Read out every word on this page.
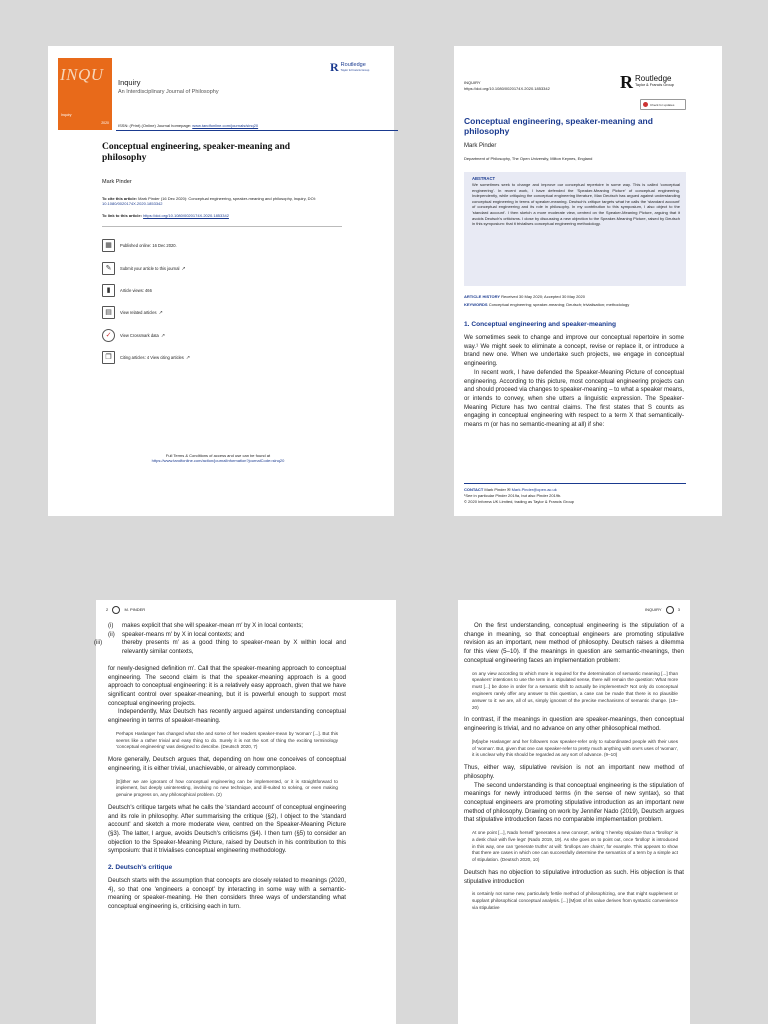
INQU
Inquiry
2020
Inquiry
An Interdisciplinary Journal of Philosophy
R Routledge
Taylor & Francis Group
ISSN: (Print) (Online) Journal homepage: www.tandfonline.com/journals/sinq20
Conceptual engineering, speaker-meaning and philosophy
Mark Pinder
To cite this article: Mark Pinder (16 Dec 2020): Conceptual engineering, speaker-meaning and philosophy, Inquiry, DOI: 10.1080/0020174X.2020.1853342
To link to this article: https://doi.org/10.1080/0020174X.2020.1853342
▦	Published online: 16 Dec 2020.
✎	Submit your article to this journal ↗
▮	Article views: 466
▤	View related articles ↗
✓	View Crossmark data ↗
❐	Citing articles: 4 View citing articles ↗
Full Terms & Conditions of access and use can be found at
https://www.tandfonline.com/action/journalInformation?journalCode=sinq20
INQUIRY
https://doi.org/10.1080/0020174X.2020.1853342	R Routledge
Taylor & Francis Group
Check for updates
Conceptual engineering, speaker-meaning and philosophy
Mark Pinder
Department of Philosophy, The Open University, Milton Keynes, England
ABSTRACT
We sometimes seek to change and improve our conceptual repertoire in some way. This is called 'conceptual engineering'. In recent work, I have defended the 'Speaker-Meaning Picture' of conceptual engineering. Independently, while critiquing the conceptual engineering literature, Max Deutsch has argued against understanding conceptual engineering in terms of speaker-meaning. Deutsch's critique targets what he calls the 'standard account' of conceptual engineering and its role in philosophy. In my contribution to this symposium, I also object to the 'standard account'. I then sketch a more moderate view, centred on the Speaker-Meaning Picture, arguing that it avoids Deutsch's criticisms. I close by discussing a new objection to the Speaker-Meaning Picture, raised by Deutsch in this symposium: that it trivialises conceptual engineering methodology.
ARTICLE HISTORY Received 30 May 2020; Accepted 30 May 2020
KEYWORDS Conceptual engineering; speaker-meaning; Deutsch; trivialisation; methodology
1. Conceptual engineering and speaker-meaning

We sometimes seek to change and improve our conceptual repertoire in some way.¹ We might seek to eliminate a concept, revise or replace it, or introduce a brand new one. When we undertake such projects, we engage in conceptual engineering.

In recent work, I have defended the Speaker-Meaning Picture of conceptual engineering. According to this picture, most conceptual engineering projects can and should proceed via changes to speaker-meaning – to what a speaker means, or intends to convey, when she utters a linguistic expression. The Speaker-Meaning Picture has two central claims. The first states that S counts as engaging in conceptual engineering with respect to a term X that semantically-means m (or has no semantic-meaning at all) if she:

CONTACT Mark Pinder ✉ Mark.Pinder@open.ac.uk
¹See in particular Pinder 2019a, but also Pinder 2019b.
© 2020 Informa UK Limited, trading as Taylor & Francis Group
2	M. PINDER
(i) makes explicit that she will speaker-mean m′ by X in local contexts;
(ii) speaker-means m′ by X in local contexts; and
(iii)	thereby presents m′ as a good thing to speaker-mean by X within local and relevantly similar contexts,

for newly-designed definition m′. Call that the speaker-meaning approach to conceptual engineering. The second claim is that the speaker-meaning approach is a good approach to conceptual engineering: it is a relatively easy approach, given that we have significant control over speaker-meaning, but it is powerful enough to support most conceptual engineering projects.

Independently, Max Deutsch has recently argued against understanding conceptual engineering in terms of speaker-meaning.

Perhaps Haslanger has changed what she and some of her readers speaker-mean by 'woman' [...]. But this seems like a rather trivial and easy thing to do. Surely it is not the sort of thing the exciting terminology 'conceptual engineering' was designed to describe. (Deutsch 2020, 7)

More generally, Deutsch argues that, depending on how one conceives of conceptual engineering, it is either trivial, unachievable, or already commonplace.

[E]ither we are ignorant of how conceptual engineering can be implemented, or it is straightforward to implement, but deeply uninteresting, involving no new technique, and ill-suited to solving, or even making genuine progress on, any philosophical problem. (2)

Deutsch's critique targets what he calls the 'standard account' of conceptual engineering and its role in philosophy. After summarising the critique (§2), I object to the 'standard account' and sketch a more moderate view, centred on the Speaker-Meaning Picture (§3). The latter, I argue, avoids Deutsch's criticisms (§4). I then turn (§5) to consider an objection to the Speaker-Meaning Picture, raised by Deutsch in his contribution to this symposium: that it trivialises conceptual engineering methodology.

2. Deutsch's critique

Deutsch starts with the assumption that concepts are closely related to meanings (2020, 4), so that one 'engineers a concept' by interacting in some way with a semantic-meaning or speaker-meaning. He then considers three ways of understanding what conceptual engineering is, criticising each in turn.

INQUIRY	3

On the first understanding, conceptual engineering is the stipulation of a change in meaning, so that conceptual engineers are promoting stipulative revision as an important, new method of philosophy. Deutsch raises a dilemma for this view (5–10). If the meanings in question are semantic-meanings, then conceptual engineering faces an implementation problem:

on any view according to which more is required for the determination of semantic meaning [...] than speakers' intentions to use the term in a stipulated sense, there will remain the question: What more must [...] be done in order for a semantic shift to actually be implemented? Not only do conceptual engineers rarely offer any answer to this question, a case can be made that there is no plausible answer to it: we are, all of us, simply ignorant of the precise mechanisms of semantic change. (19–20)

In contrast, if the meanings in question are speaker-meanings, then conceptual engineering is trivial, and no advance on any other philosophical method.

[M]aybe Haslanger and her followers now speaker-refer only to subordinated people with their uses of 'woman'. But, given that one can speaker-refer to pretty much anything with one's uses of 'woman', it is unclear why this should be regarded as any sort of advance. (9–10)

Thus, either way, stipulative revision is not an important new method of philosophy.

The second understanding is that conceptual engineering is the stipulation of meanings for newly introduced terms (in the sense of new syntax), so that conceptual engineers are promoting stipulative introduction as an important new method of philosophy. Drawing on work by Jennifer Nado (2019), Deutsch argues that stipulative introduction faces no comparable implementation problem.

At one point [...], Nado herself 'generates a new concept', writing 'I hereby stipulate that a "brollop" is a desk chair with five legs' (Nado 2019, 19). As she goes on to point out, once 'brollop' is introduced in this way, one can 'generate truths' at will: 'brollops are chairs', for example. This appears to show that there are cases in which one can successfully determine the semantics of a term by a simple act of stipulation. (Deutsch 2020, 10)

Deutsch has no objection to stipulative introduction as such. His objection is that stipulative introduction

is certainly not some new, particularly fertile method of philosophizing, one that might supplement or supplant philosophical conceptual analysis. [...] [M]ost of its value derives from syntactic convenience via stipulative
